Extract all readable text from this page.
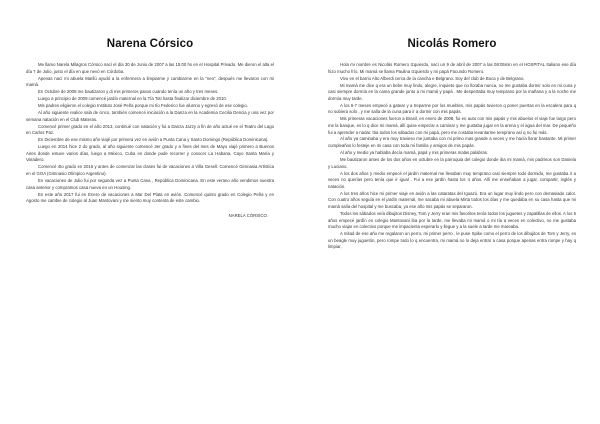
Narena Córsico

Me llamo Narela Milagros Córsico nací el día 30 de Junio de 2007 a las 15:00 hs en el Hospital Privado. Me dieron el alta el día 7 de Julio, justo el día en que nevó en Córdoba.

Apenas nací mi abuela Marilú ayudó a la enfermera a limpiarme y cambiarme en la “neo”, después me llevaron con mi mamá.

En Octubre de 2008 me bautizaron y di mis primeros pasos cuando tenía un año y tres meses.

Luego a principio de 2009 comencé jardín maternal en la Tía Toti hasta finalizar diciembre de 2010.

Mis padres eligieron el colegio Instituto José Peña porque mi tío Federico fue alumno y egresó de ese colegio.

Al año siguiente realice sala de cinco, también comencé iniciación a la Danza en la Academia Cecilia Dencia y una vez por semana natación en el Club Materas.

Comencé primer grado en el año 2013, continué con natación y fui a Danza Jazzy a fin de año actué en el Teatro del Lago en Carlos Paz.

En Diciembre de ese mismo año viajé por primera vez en avión a Punta Cana y Santo Domingo (República Dominicana).

Luego en 2014 hice 2 do grado, al año siguiente comencé 3er grado y a fines del mes de Mayo viajé primero a Buenos Aires donde estuve varios días, luego a México, Cuba en donde pude recorrer y conocer La Habana, Cayo Santa María y Varadero.

Comencé 4to grado en 2016 y antes de comenzar las clases fui de vacaciones a Villa Gesell. Comencé Gimnasia Artística en el GOA (Gimnasio Olímpico Argentino).

En vacaciones de Julio fui por segunda vez a Punta Cana , República Dominicana. En este verano año vendimos nuestra casa anterior y compramos casa nueva en un Housing.

En este año 2017 fui en Enero de vacaciones a Mar Del Plata en avión. Comencé quinto grado en Colegio Peña y en Agosto me cambie de colegio al Juan Mantovani y me siento muy contenta de este cambio.

NARELA CÓRSICO.
Nicolás Romero

Hola mi nombre es Nicolás Romero Izquierdo, nací un 9 de abril de 2007 a las 08:05min en el HOSPITAL Italiano ese día hizo mucho frío. Mi mamá se llama Paulina Izquierdo y mi papá Facundo Romero.

Vivo en el barrio Alto Alberdi cerca de la cancha e Belgrano. Soy del club de Boca y de Belgrano.

Mi mamá me dice q era un bebe muy lindo, alegre, inquieto que no lloraba nunca, no me gustaba dormir solo en mi cuna y casi siempre dormía en la cama grande junto a mi mamá y papá . Me despertaba muy temprano por la mañana y a la noche me dormía muy tarde.

A los 6-7 meses empecé a gatear y a treparme por los muebles, mis papás tuvieron q poner puertas en la escalera para q no subiera solo , y me salía de la cuna para ir a dormir con mis papás.

Mis primeras vacaciones fueron a Brasil, en enero de 2008, fui en auto con mis papás y mis abuelos el viaje fue largo pero me la banque, es lo q dice mi mamá, allí quise empezar a caminar y me gustaba jugar en la arena y el agua del mar. De pequeño fui a aprender a nadar. Iba todos los sábados con mi papá, pero me costaba levantarme temprano así q no fui más.

Al año ya caminaba y era muy travieso me juntaba con mi primo mas grande a veces y me hacía llorar bastante. Mi primer cumpleaños lo festeje en mi casa con toda mi familia y amigos de mis papás.

Al año y medio ya hablaba decía mamá, papá y mis primeras malas palabras.

Me bautizaron antes de los dos años en octubre en la parroquia del colegio donde iba mi mamá, mis padrinos son Daniela y Luciano.

A los dos años y medio empecé el jardín maternal me llevaban muy temprano casi siempre todo dormido, me gustaba ir a veces no querías pero tenía que ir igual . Fui a ese jardín hasta los 4 años. Allí me enseñaban a jugar, compartir, inglés y natación.

A los tres años hice mi primer viaje en avión a las cataratas del Iguazú. Era un lugar muy lindo pero con demasiado calor. Con cuatro años seguía en el jardín maternal, me sacaba mi abuela Mirta todos los días y me quedaba en su casa hasta que mi mamá salía del hospital y me buscaba, ya ese año mis papás se separaron.

Todos los sábados veía dibujitos Disney, Tom y Jerry eran mis favoritos tenía todos los juguetes y zapatillas de ellos. A los 5 años empecé jardín en colegio Mantovani iba por la tarde, me llevaba mi mamá o mi tía a veces en colectivo, no me gustaba mucho viajar en colectivo porque me impacienta esperarlo y llegue y a la suele a tarde me mareaba.

A mitad de ese año me regalaron un perro, mi primer perro , le puse Spike como el perro de los dibujitos de Tom y Jerry, es un beagle muy juguetón, pero rompe todo lo q encuentra, mi mamá no lo deja entrar a casa porque apenas entra rompe y hay q limpiar,
